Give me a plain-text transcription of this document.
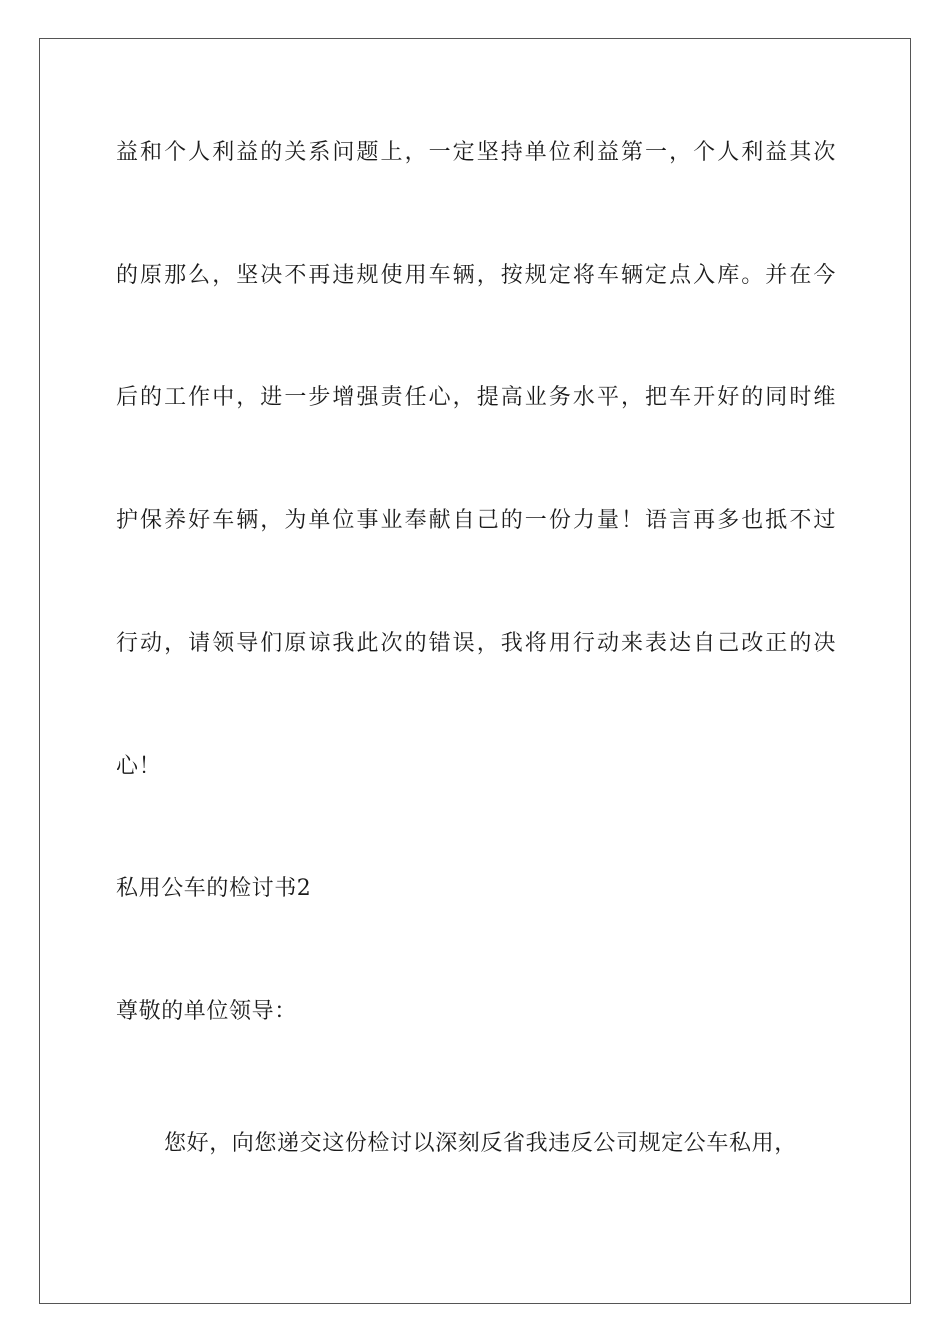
益和个人利益的关系问题上，一定坚持单位利益第一，个人利益其次
的原那么，坚决不再违规使用车辆，按规定将车辆定点入库。并在今
后的工作中，进一步增强责任心，提高业务水平，把车开好的同时维
护保养好车辆，为单位事业奉献自己的一份力量！语言再多也抵不过
行动，请领导们原谅我此次的错误，我将用行动来表达自己改正的决
心！
私用公车的检讨书2
尊敬的单位领导：
您好，向您递交这份检讨以深刻反省我违反公司规定公车私用，
